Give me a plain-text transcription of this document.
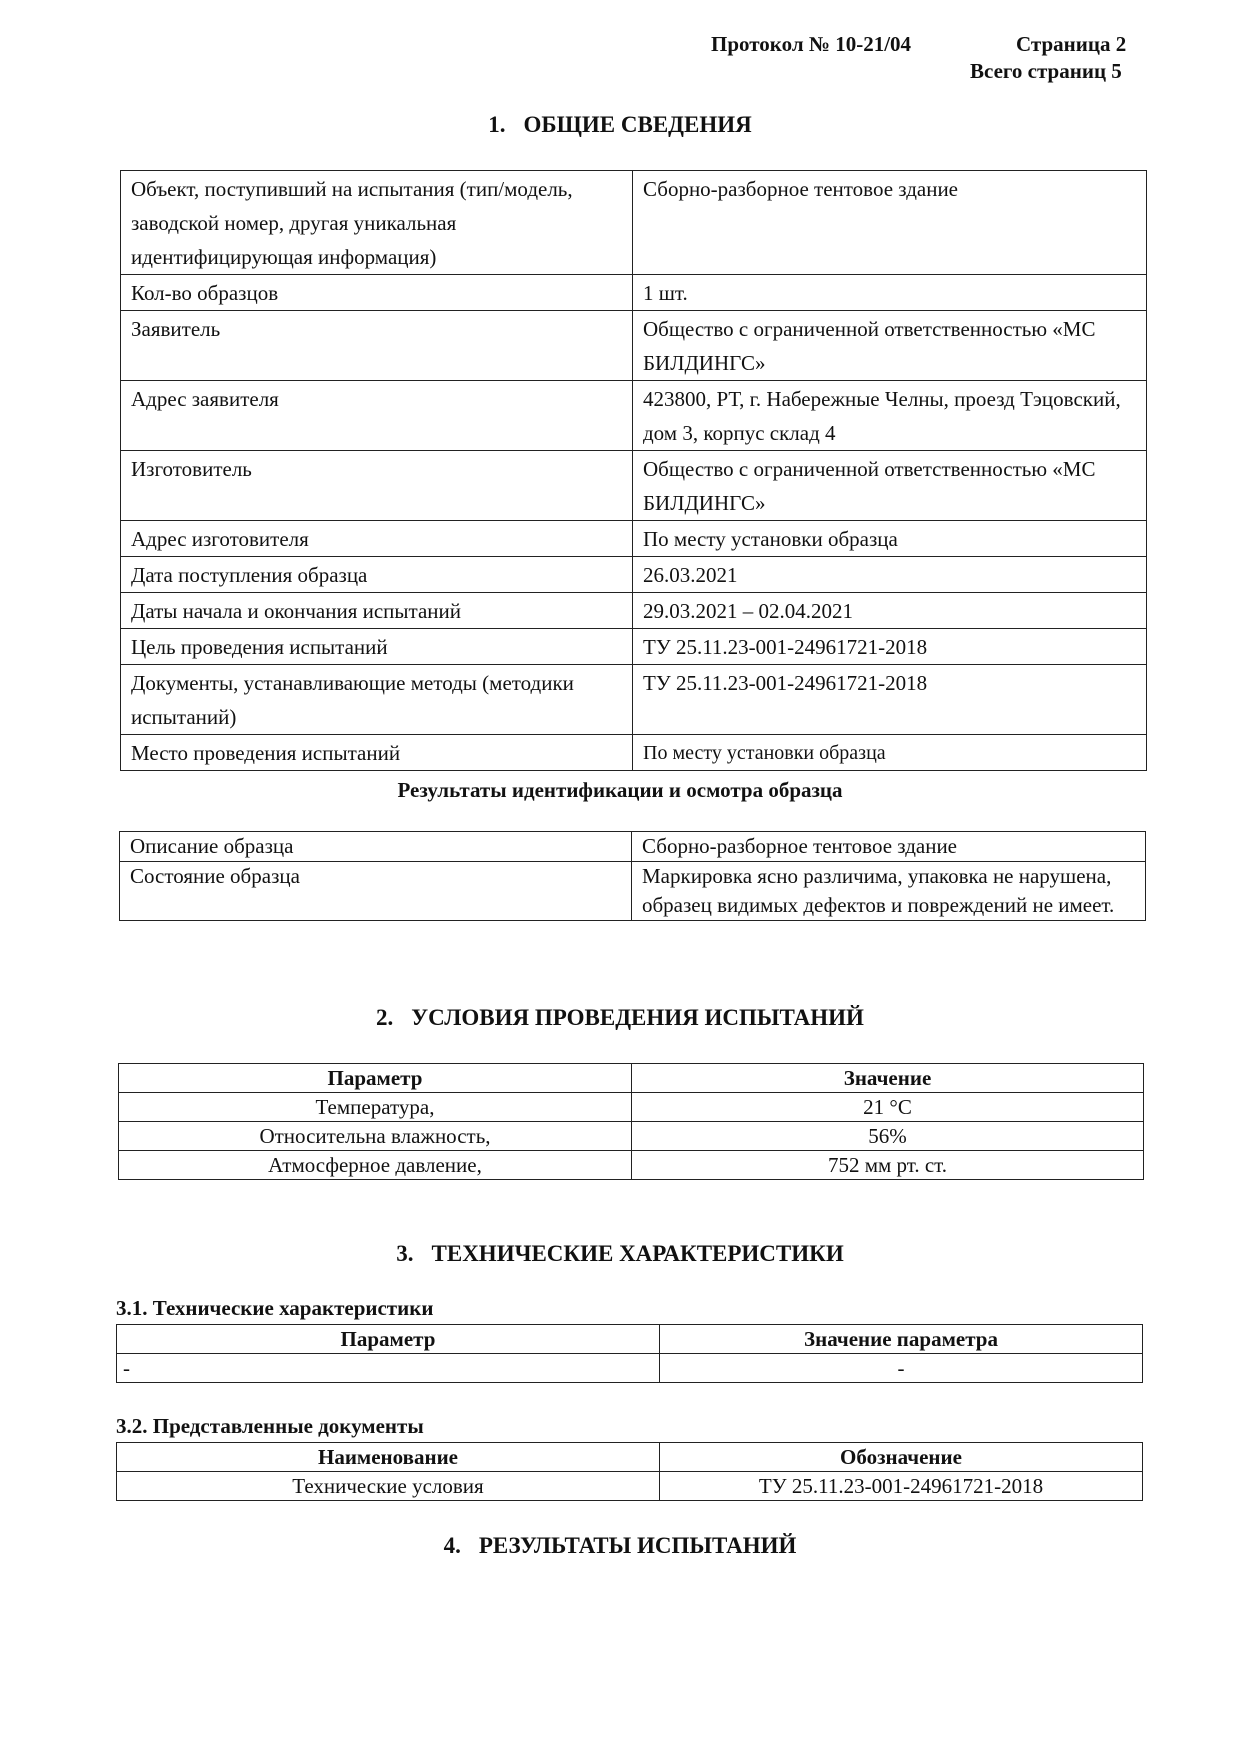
Протокол № 10-21/04	Страница 2
Всего страниц 5
1. ОБЩИЕ СВЕДЕНИЯ
Объект, поступивший на испытания (тип/модель, заводской номер, другая уникальная идентифицирующая информация)	Сборно-разборное тентовое здание
Кол-во образцов	1 шт.
Заявитель	Общество с ограниченной ответственностью «МС БИЛДИНГС»
Адрес заявителя	423800, РТ, г. Набережные Челны, проезд Тэцовский, дом 3, корпус склад 4
Изготовитель	Общество с ограниченной ответственностью «МС БИЛДИНГС»
Адрес изготовителя	По месту установки образца
Дата поступления образца	26.03.2021
Даты начала и окончания испытаний	29.03.2021 – 02.04.2021
Цель проведения испытаний	ТУ 25.11.23-001-24961721-2018
Документы, устанавливающие методы (методики испытаний)	ТУ 25.11.23-001-24961721-2018
Место проведения испытаний	По месту установки образца
Результаты идентификации и осмотра образца
Описание образца	Сборно-разборное тентовое здание
Состояние образца	Маркировка ясно различима, упаковка не нарушена, образец видимых дефектов и повреждений не имеет.
2. УСЛОВИЯ ПРОВЕДЕНИЯ ИСПЫТАНИЙ
Параметр	Значение
Температура,	21 °С
Относительна влажность,	56%
Атмосферное давление,	752 мм рт. ст.
3. ТЕХНИЧЕСКИЕ ХАРАКТЕРИСТИКИ
3.1. Технические характеристики
Параметр	Значение параметра
-	-
3.2. Представленные документы
Наименование	Обозначение
Технические условия	ТУ 25.11.23-001-24961721-2018
4. РЕЗУЛЬТАТЫ ИСПЫТАНИЙ
